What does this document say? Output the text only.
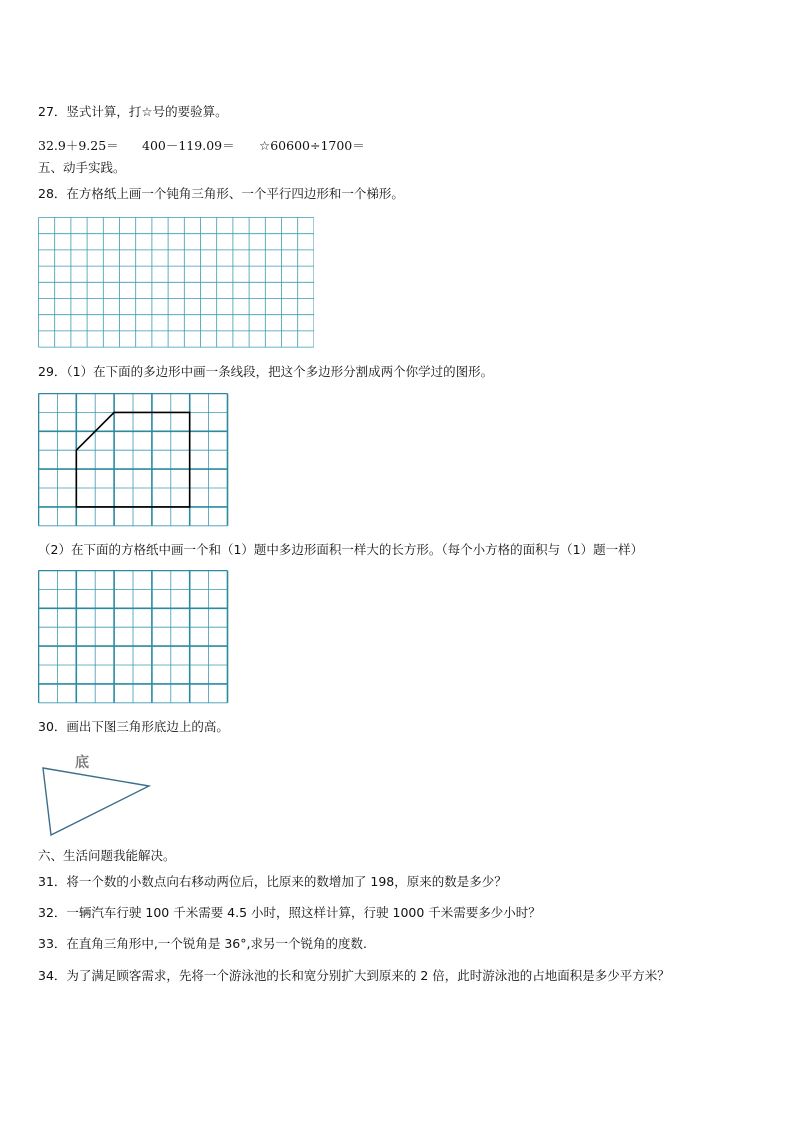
27．竖式计算，打☆号的要验算。
32.9＋9.25＝ 400－119.09＝ ☆60600÷1700＝
五、动手实践。
28．在方格纸上画一个钝角三角形、一个平行四边形和一个梯形。
29．（1）在下面的多边形中画一条线段，把这个多边形分割成两个你学过的图形。
（2）在下面的方格纸中画一个和（1）题中多边形面积一样大的长方形。（每个小方格的面积与（1）题一样）
30．画出下图三角形底边上的高。
底
六、生活问题我能解决。
31．将一个数的小数点向右移动两位后，比原来的数增加了 198，原来的数是多少？
32．一辆汽车行驶 100 千米需要 4.5 小时，照这样计算，行驶 1000 千米需要多少小时？
33．在直角三角形中,一个锐角是 36°,求另一个锐角的度数.
34．为了满足顾客需求，先将一个游泳池的长和宽分别扩大到原来的 2 倍，此时游泳池的占地面积是多少平方米？
